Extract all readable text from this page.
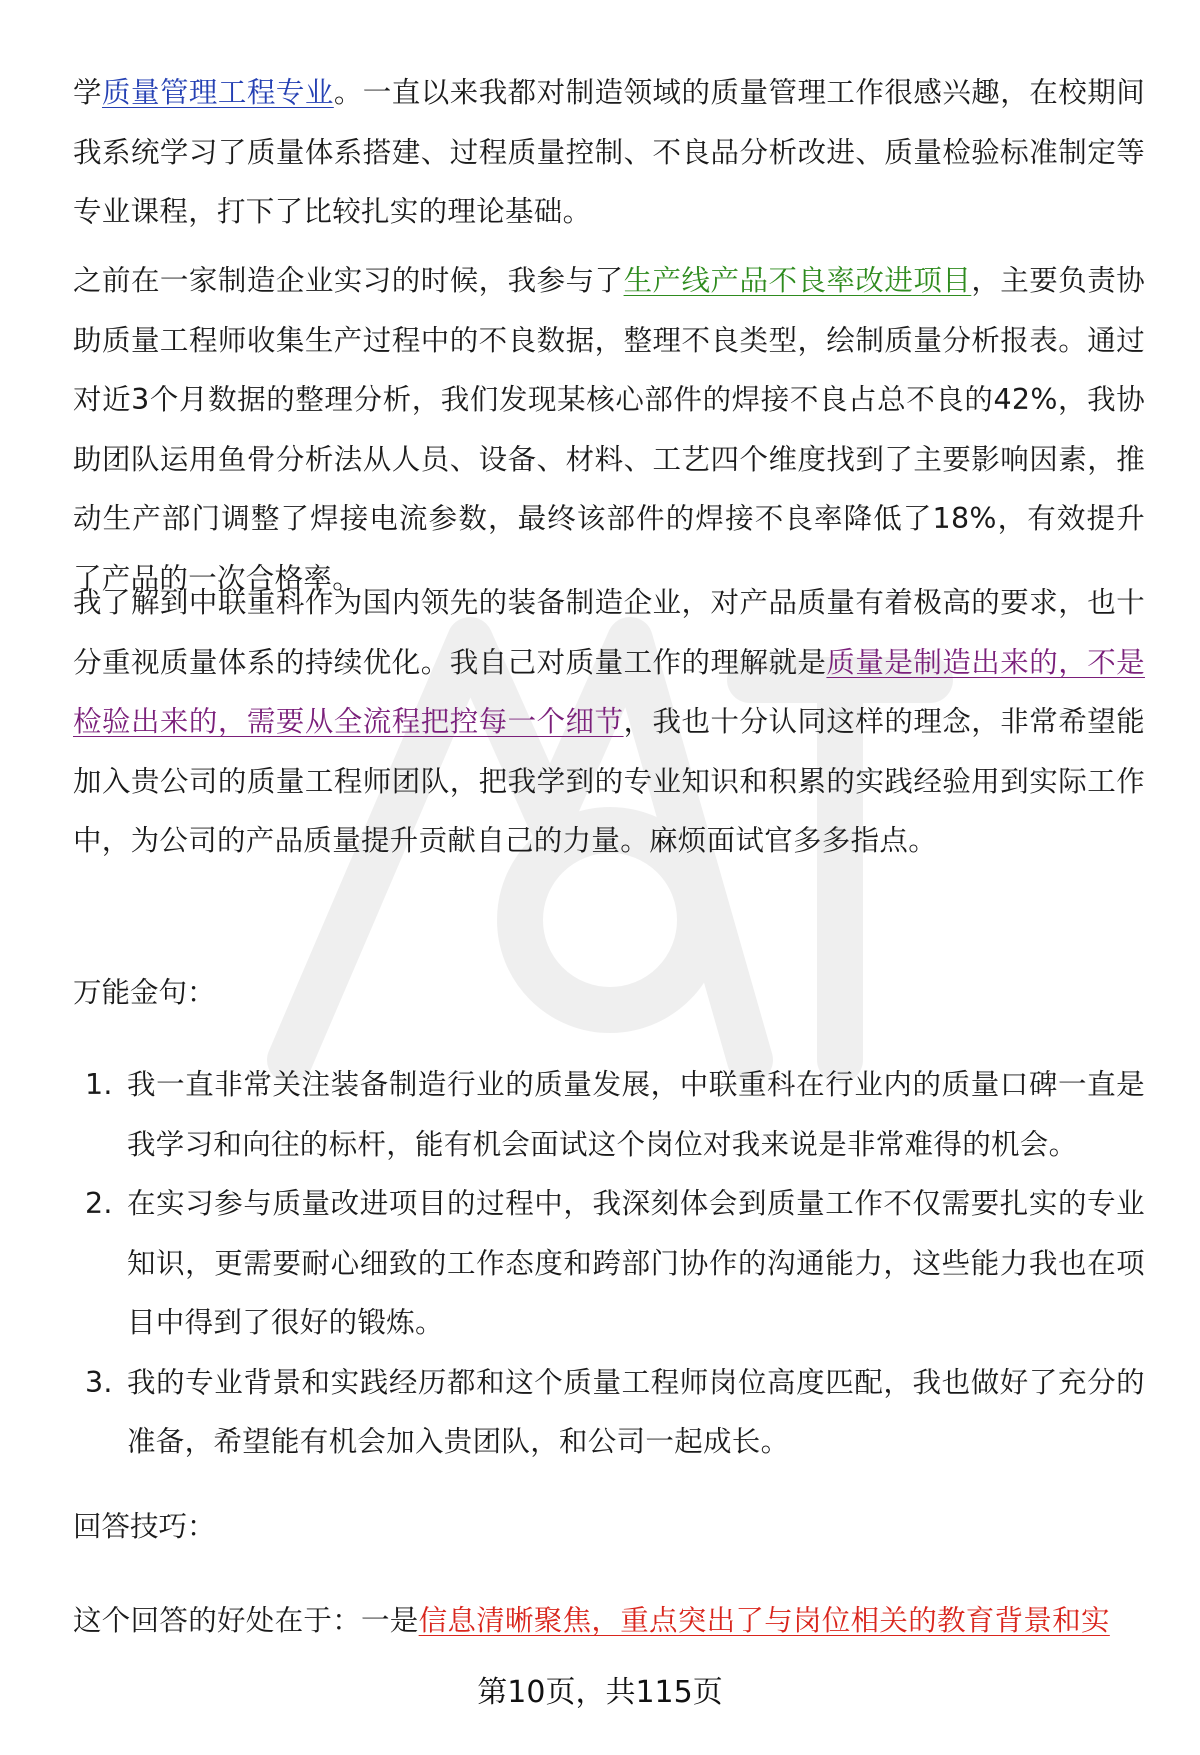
学质量管理工程专业。一直以来我都对制造领域的质量管理工作很感兴趣，在校期间我系统学习了质量体系搭建、过程质量控制、不良品分析改进、质量检验标准制定等专业课程，打下了比较扎实的理论基础。
之前在一家制造企业实习的时候，我参与了生产线产品不良率改进项目，主要负责协助质量工程师收集生产过程中的不良数据，整理不良类型，绘制质量分析报表。通过对近3个月数据的整理分析，我们发现某核心部件的焊接不良占总不良的42%，我协助团队运用鱼骨分析法从人员、设备、材料、工艺四个维度找到了主要影响因素，推动生产部门调整了焊接电流参数，最终该部件的焊接不良率降低了18%，有效提升了产品的一次合格率。
我了解到中联重科作为国内领先的装备制造企业，对产品质量有着极高的要求，也十分重视质量体系的持续优化。我自己对质量工作的理解就是质量是制造出来的，不是检验出来的，需要从全流程把控每一个细节，我也十分认同这样的理念，非常希望能加入贵公司的质量工程师团队，把我学到的专业知识和积累的实践经验用到实际工作中，为公司的产品质量提升贡献自己的力量。麻烦面试官多多指点。
万能金句：
1. 我一直非常关注装备制造行业的质量发展，中联重科在行业内的质量口碑一直是我学习和向往的标杆，能有机会面试这个岗位对我来说是非常难得的机会。
2. 在实习参与质量改进项目的过程中，我深刻体会到质量工作不仅需要扎实的专业知识，更需要耐心细致的工作态度和跨部门协作的沟通能力，这些能力我也在项目中得到了很好的锻炼。
3. 我的专业背景和实践经历都和这个质量工程师岗位高度匹配，我也做好了充分的准备，希望能有机会加入贵团队，和公司一起成长。
回答技巧：
这个回答的好处在于：一是信息清晰聚焦，重点突出了与岗位相关的教育背景和实
第10页，共115页
